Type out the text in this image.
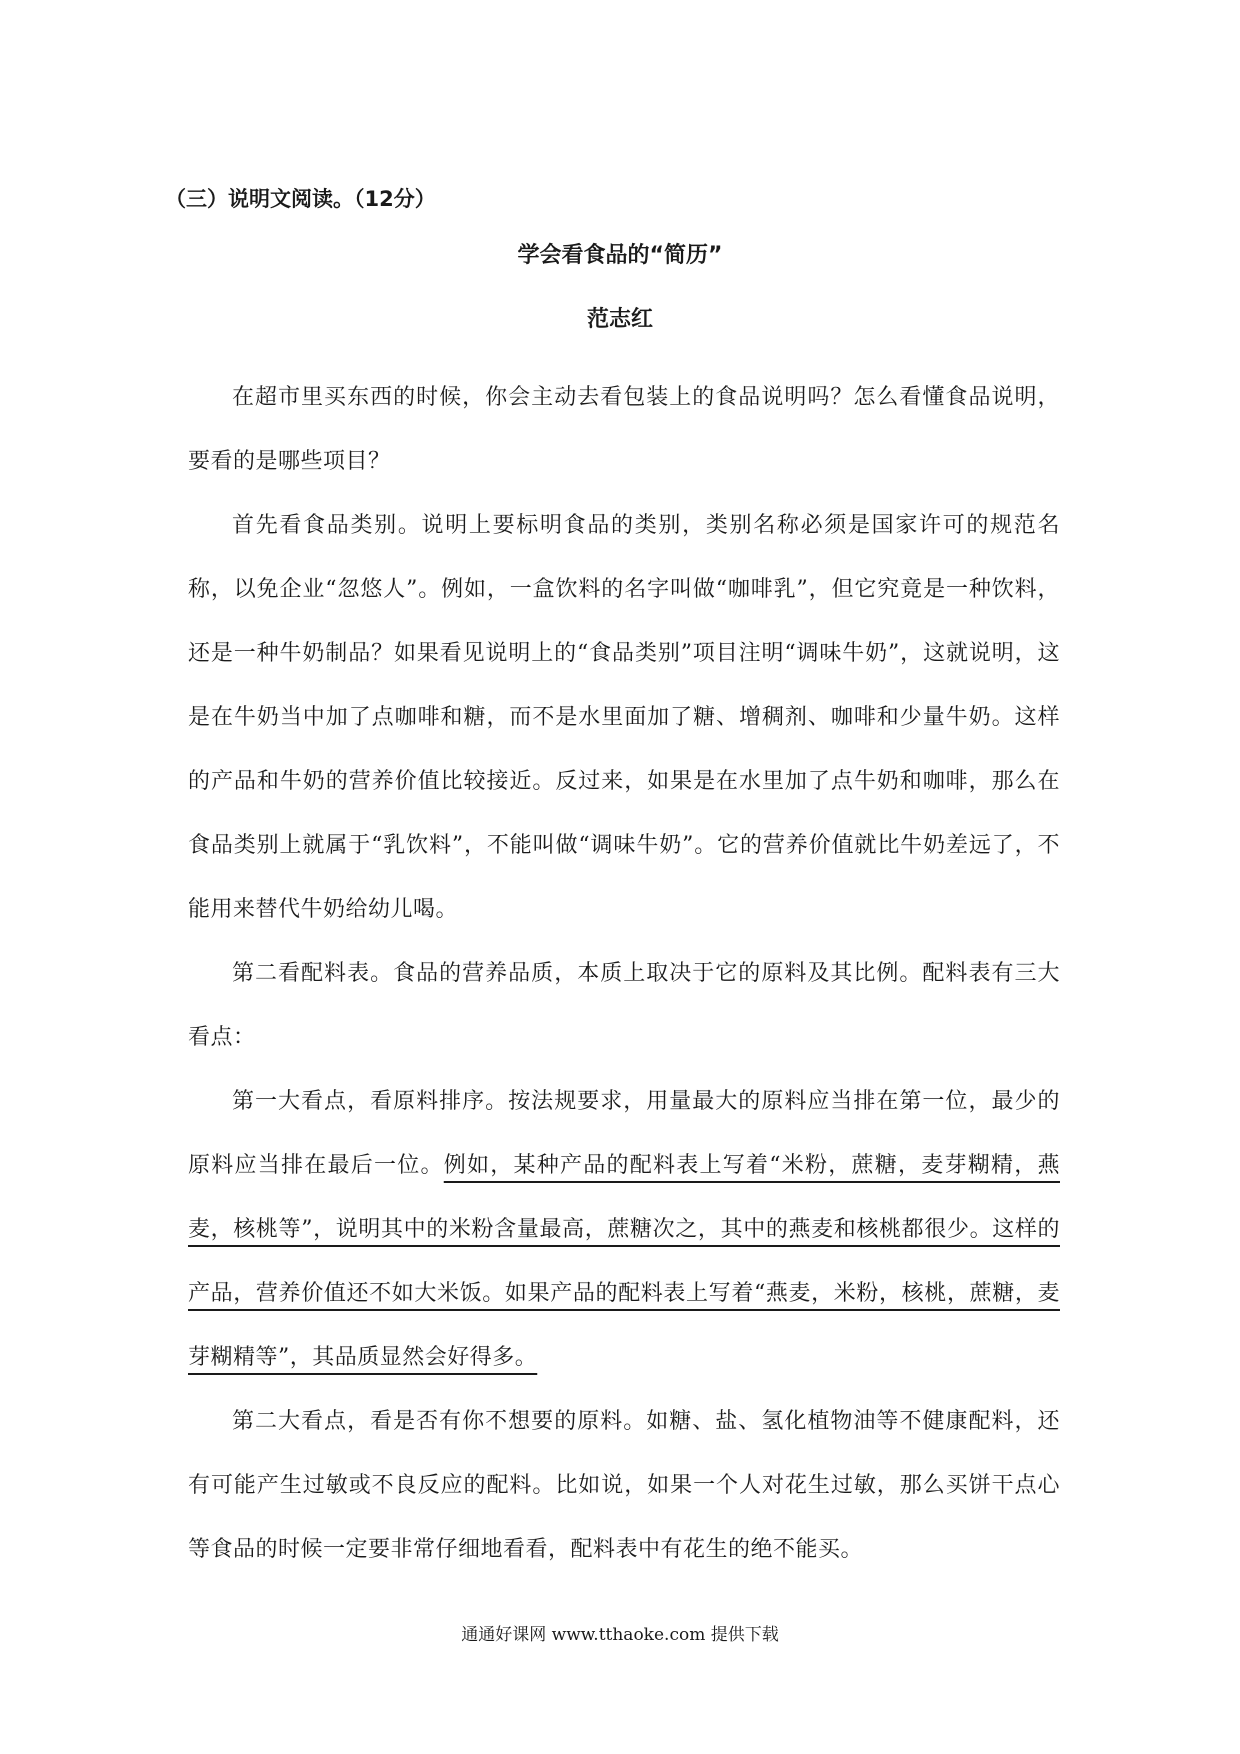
（三）说明文阅读。（12分）
学会看食品的“简历”
范志红

在超市里买东西的时候，你会主动去看包装上的食品说明吗？怎么看懂食品说明，要看的是哪些项目？

首先看食品类别。说明上要标明食品的类别，类别名称必须是国家许可的规范名称，以免企业“忽悠人”。例如，一盒饮料的名字叫做“咖啡乳”，但它究竟是一种饮料，还是一种牛奶制品？如果看见说明上的“食品类别”项目注明“调味牛奶”，这就说明，这是在牛奶当中加了点咖啡和糖，而不是水里面加了糖、增稠剂、咖啡和少量牛奶。这样的产品和牛奶的营养价值比较接近。反过来，如果是在水里加了点牛奶和咖啡，那么在食品类别上就属于“乳饮料”，不能叫做“调味牛奶”。它的营养价值就比牛奶差远了，不能用来替代牛奶给幼儿喝。

第二看配料表。食品的营养品质，本质上取决于它的原料及其比例。配料表有三大看点：

第一大看点，看原料排序。按法规要求，用量最大的原料应当排在第一位，最少的原料应当排在最后一位。例如，某种产品的配料表上写着“米粉，蔗糖，麦芽糊精，燕麦，核桃等”，说明其中的米粉含量最高，蔗糖次之，其中的燕麦和核桃都很少。这样的产品，营养价值还不如大米饭。如果产品的配料表上写着“燕麦，米粉，核桃，蔗糖，麦芽糊精等”，其品质显然会好得多。

第二大看点，看是否有你不想要的原料。如糖、盐、氢化植物油等不健康配料，还有可能产生过敏或不良反应的配料。比如说，如果一个人对花生过敏，那么买饼干点心等食品的时候一定要非常仔细地看看，配料表中有花生的绝不能买。

通通好课网 www.tthaoke.com 提供下载
